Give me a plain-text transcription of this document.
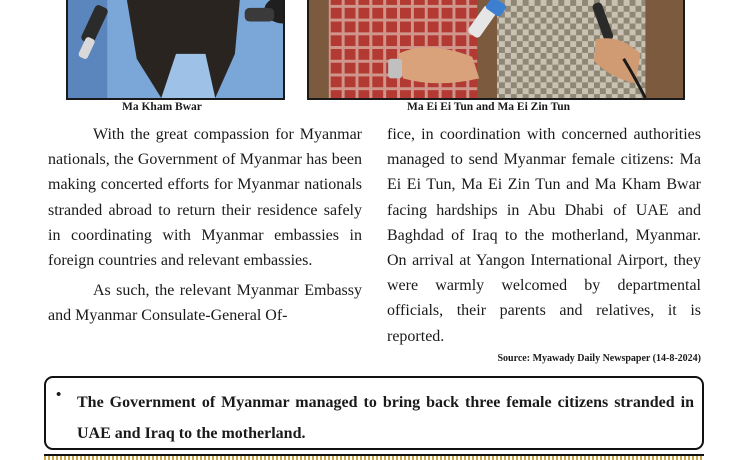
Ma Kham Bwar	Ma Ei Ei Tun and Ma Ei Zin Tun

With the great compassion for Myanmar nationals, the Government of Myanmar has been making concerted efforts for Myanmar nationals stranded abroad to return their residence safely in coordinating with Myanmar embassies in foreign countries and relevant embassies.

As such, the relevant Myanmar Embassy and Myanmar Consulate-General Of-

fice, in coordination with concerned authorities managed to send Myanmar female citizens: Ma Ei Ei Tun, Ma Ei Zin Tun and Ma Kham Bwar facing hardships in Abu Dhabi of UAE and Baghdad of Iraq to the motherland, Myanmar. On arrival at Yangon International Airport, they were warmly welcomed by departmental officials, their parents and relatives, it is reported.

Source: Myawady Daily Newspaper (14-8-2024)
• The Government of Myanmar managed to bring back three female citizens stranded in UAE and Iraq to the motherland.
